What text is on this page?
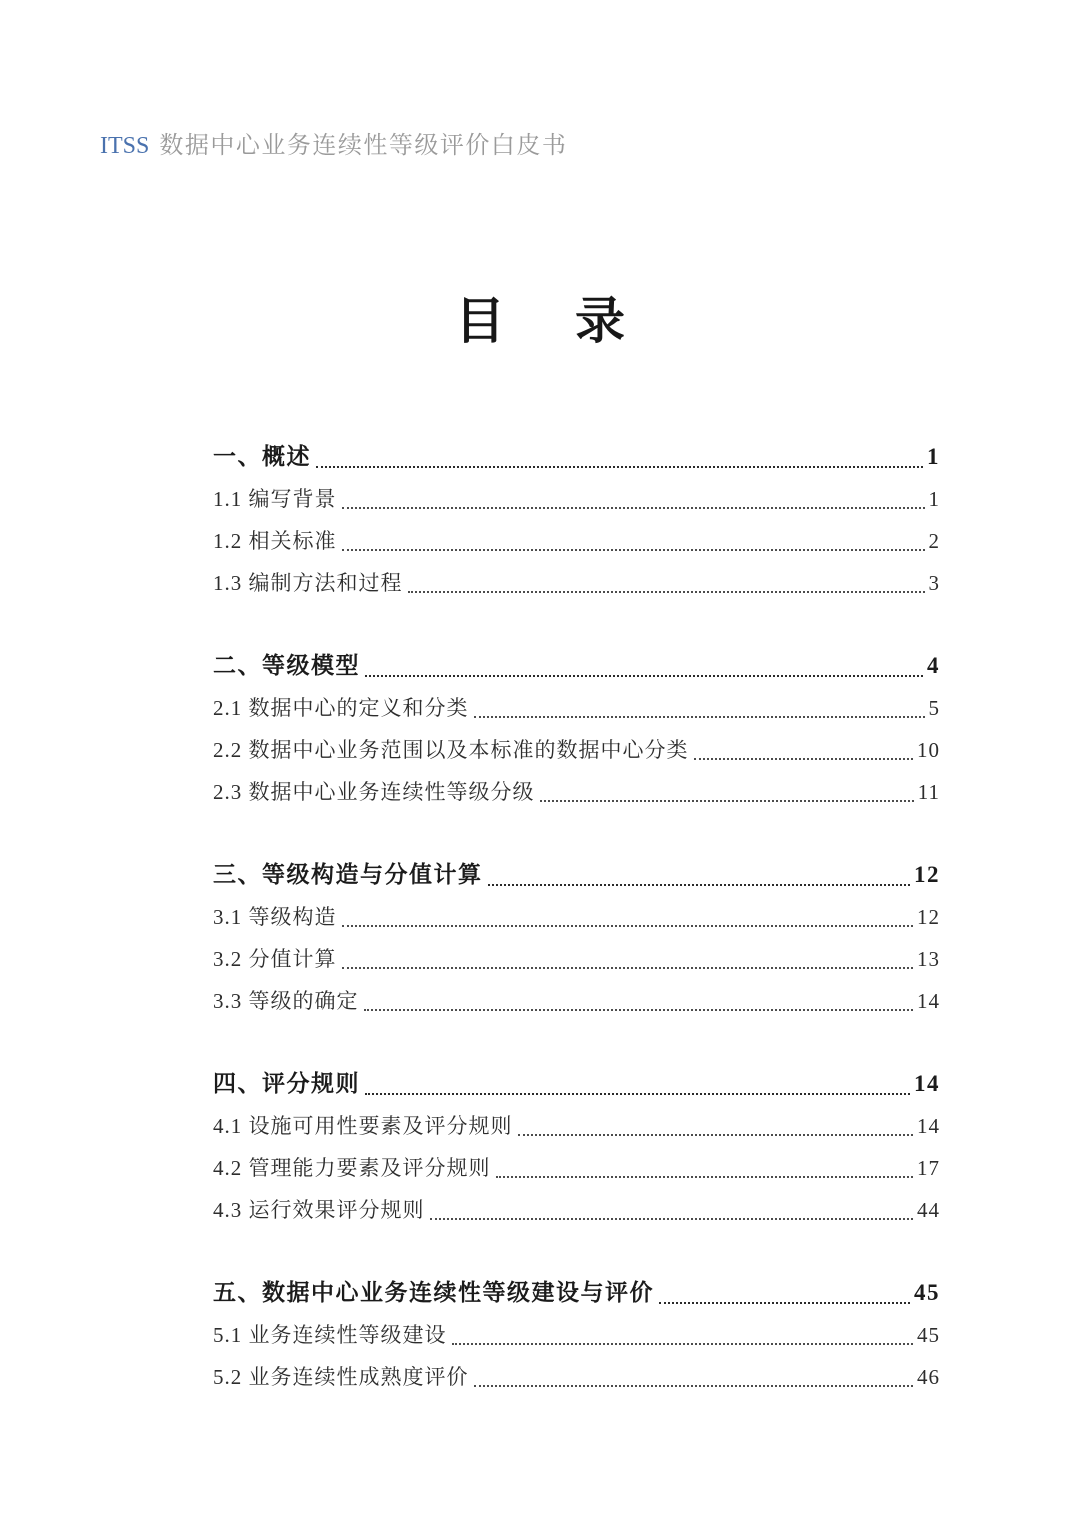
ITSS 数据中心业务连续性等级评价白皮书
目　录
一、概述	1
1.1 编写背景	1
1.2 相关标准	2
1.3 编制方法和过程	3
二、等级模型	4
2.1 数据中心的定义和分类	5
2.2 数据中心业务范围以及本标准的数据中心分类	10
2.3 数据中心业务连续性等级分级	11
三、等级构造与分值计算	12
3.1 等级构造	12
3.2 分值计算	13
3.3 等级的确定	14
四、评分规则	14
4.1 设施可用性要素及评分规则	14
4.2 管理能力要素及评分规则	17
4.3 运行效果评分规则	44
五、数据中心业务连续性等级建设与评价	45
5.1 业务连续性等级建设	45
5.2 业务连续性成熟度评价	46
